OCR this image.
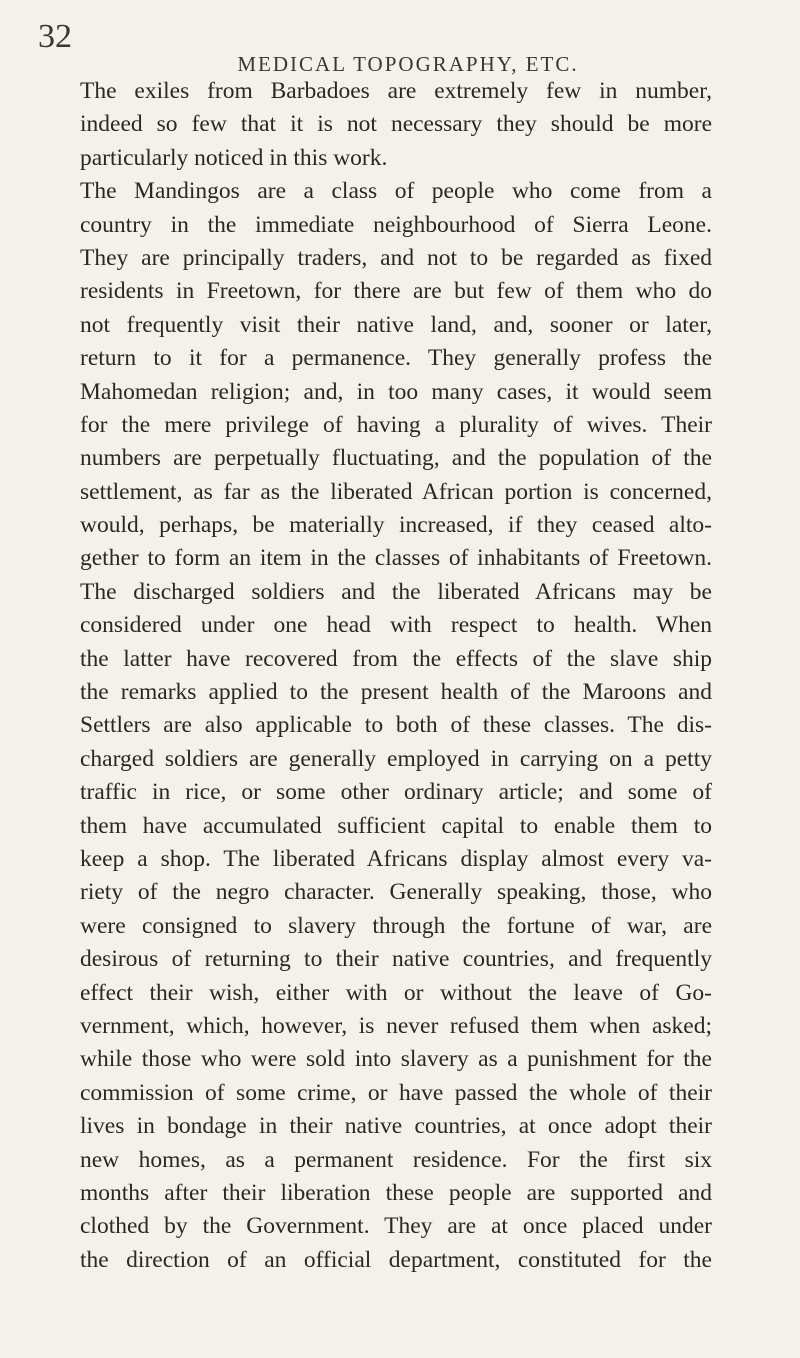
32
MEDICAL TOPOGRAPHY, ETC.
The exiles from Barbadoes are extremely few in number,
indeed so few that it is not necessary they should be more
particularly noticed in this work.
The Mandingos are a class of people who come from a
country in the immediate neighbourhood of Sierra Leone.
They are principally traders, and not to be regarded as fixed
residents in Freetown, for there are but few of them who do
not frequently visit their native land, and, sooner or later,
return to it for a permanence. They generally profess the
Mahomedan religion; and, in too many cases, it would seem
for the mere privilege of having a plurality of wives. Their
numbers are perpetually fluctuating, and the population of the
settlement, as far as the liberated African portion is concerned,
would, perhaps, be materially increased, if they ceased alto-
gether to form an item in the classes of inhabitants of Freetown.
The discharged soldiers and the liberated Africans may be
considered under one head with respect to health. When
the latter have recovered from the effects of the slave ship
the remarks applied to the present health of the Maroons and
Settlers are also applicable to both of these classes. The dis-
charged soldiers are generally employed in carrying on a petty
traffic in rice, or some other ordinary article; and some of
them have accumulated sufficient capital to enable them to
keep a shop. The liberated Africans display almost every va-
riety of the negro character. Generally speaking, those, who
were consigned to slavery through the fortune of war, are
desirous of returning to their native countries, and frequently
effect their wish, either with or without the leave of Go-
vernment, which, however, is never refused them when asked;
while those who were sold into slavery as a punishment for the
commission of some crime, or have passed the whole of their
lives in bondage in their native countries, at once adopt their
new homes, as a permanent residence. For the first six
months after their liberation these people are supported and
clothed by the Government. They are at once placed under
the direction of an official department, constituted for the
